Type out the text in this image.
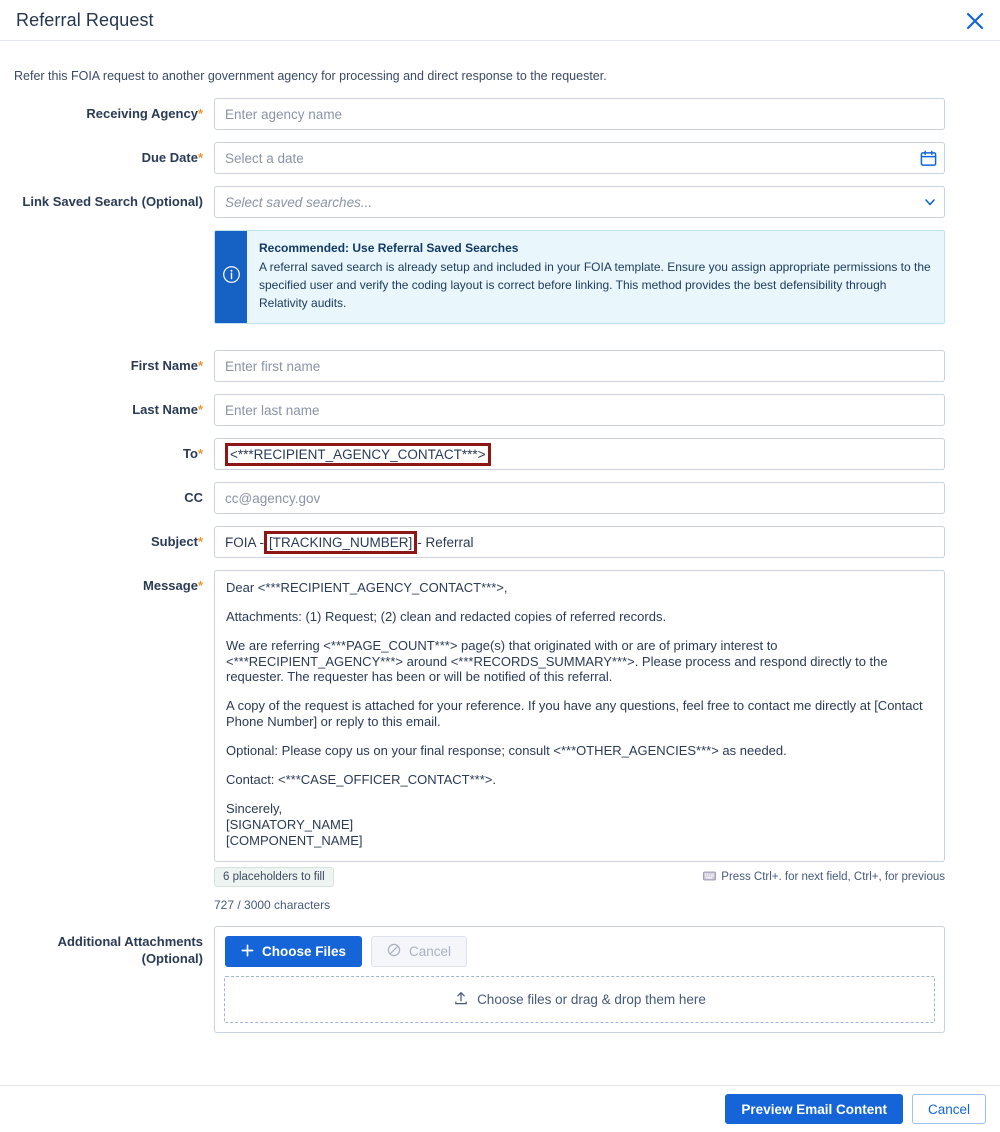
Referral Request
Refer this FOIA request to another government agency for processing and direct response to the requester.
Receiving Agency*	Enter agency name
Due Date*	Select a date
Link Saved Search (Optional)	Select saved searches...
Recommended: Use Referral Saved Searches
A referral saved search is already setup and included in your FOIA template. Ensure you assign appropriate permissions to the specified user and verify the coding layout is correct before linking. This method provides the best defensibility through Relativity audits.
First Name*	Enter first name
Last Name*	Enter last name
To*	<***RECIPIENT_AGENCY_CONTACT***>
CC	cc@agency.gov
Subject*	FOIA - [TRACKING_NUMBER] - Referral
Message*	Dear <***RECIPIENT_AGENCY_CONTACT***>,

Attachments: (1) Request; (2) clean and redacted copies of referred records.

We are referring <***PAGE_COUNT***> page(s) that originated with or are of primary interest to <***RECIPIENT_AGENCY***> around <***RECORDS_SUMMARY***>. Please process and respond directly to the requester. The requester has been or will be notified of this referral.

A copy of the request is attached for your reference. If you have any questions, feel free to contact me directly at [Contact Phone Number] or reply to this email.

Optional: Please copy us on your final response; consult <***OTHER_AGENCIES***> as needed.

Contact: <***CASE_OFFICER_CONTACT***>.

Sincerely,
[SIGNATORY_NAME]
[COMPONENT_NAME]

6 placeholders to fill	Press Ctrl+. for next field, Ctrl+, for previous
727 / 3000 characters
Additional Attachments
(Optional)	Choose Files	Cancel
Choose files or drag & drop them here
Preview Email Content	Cancel
